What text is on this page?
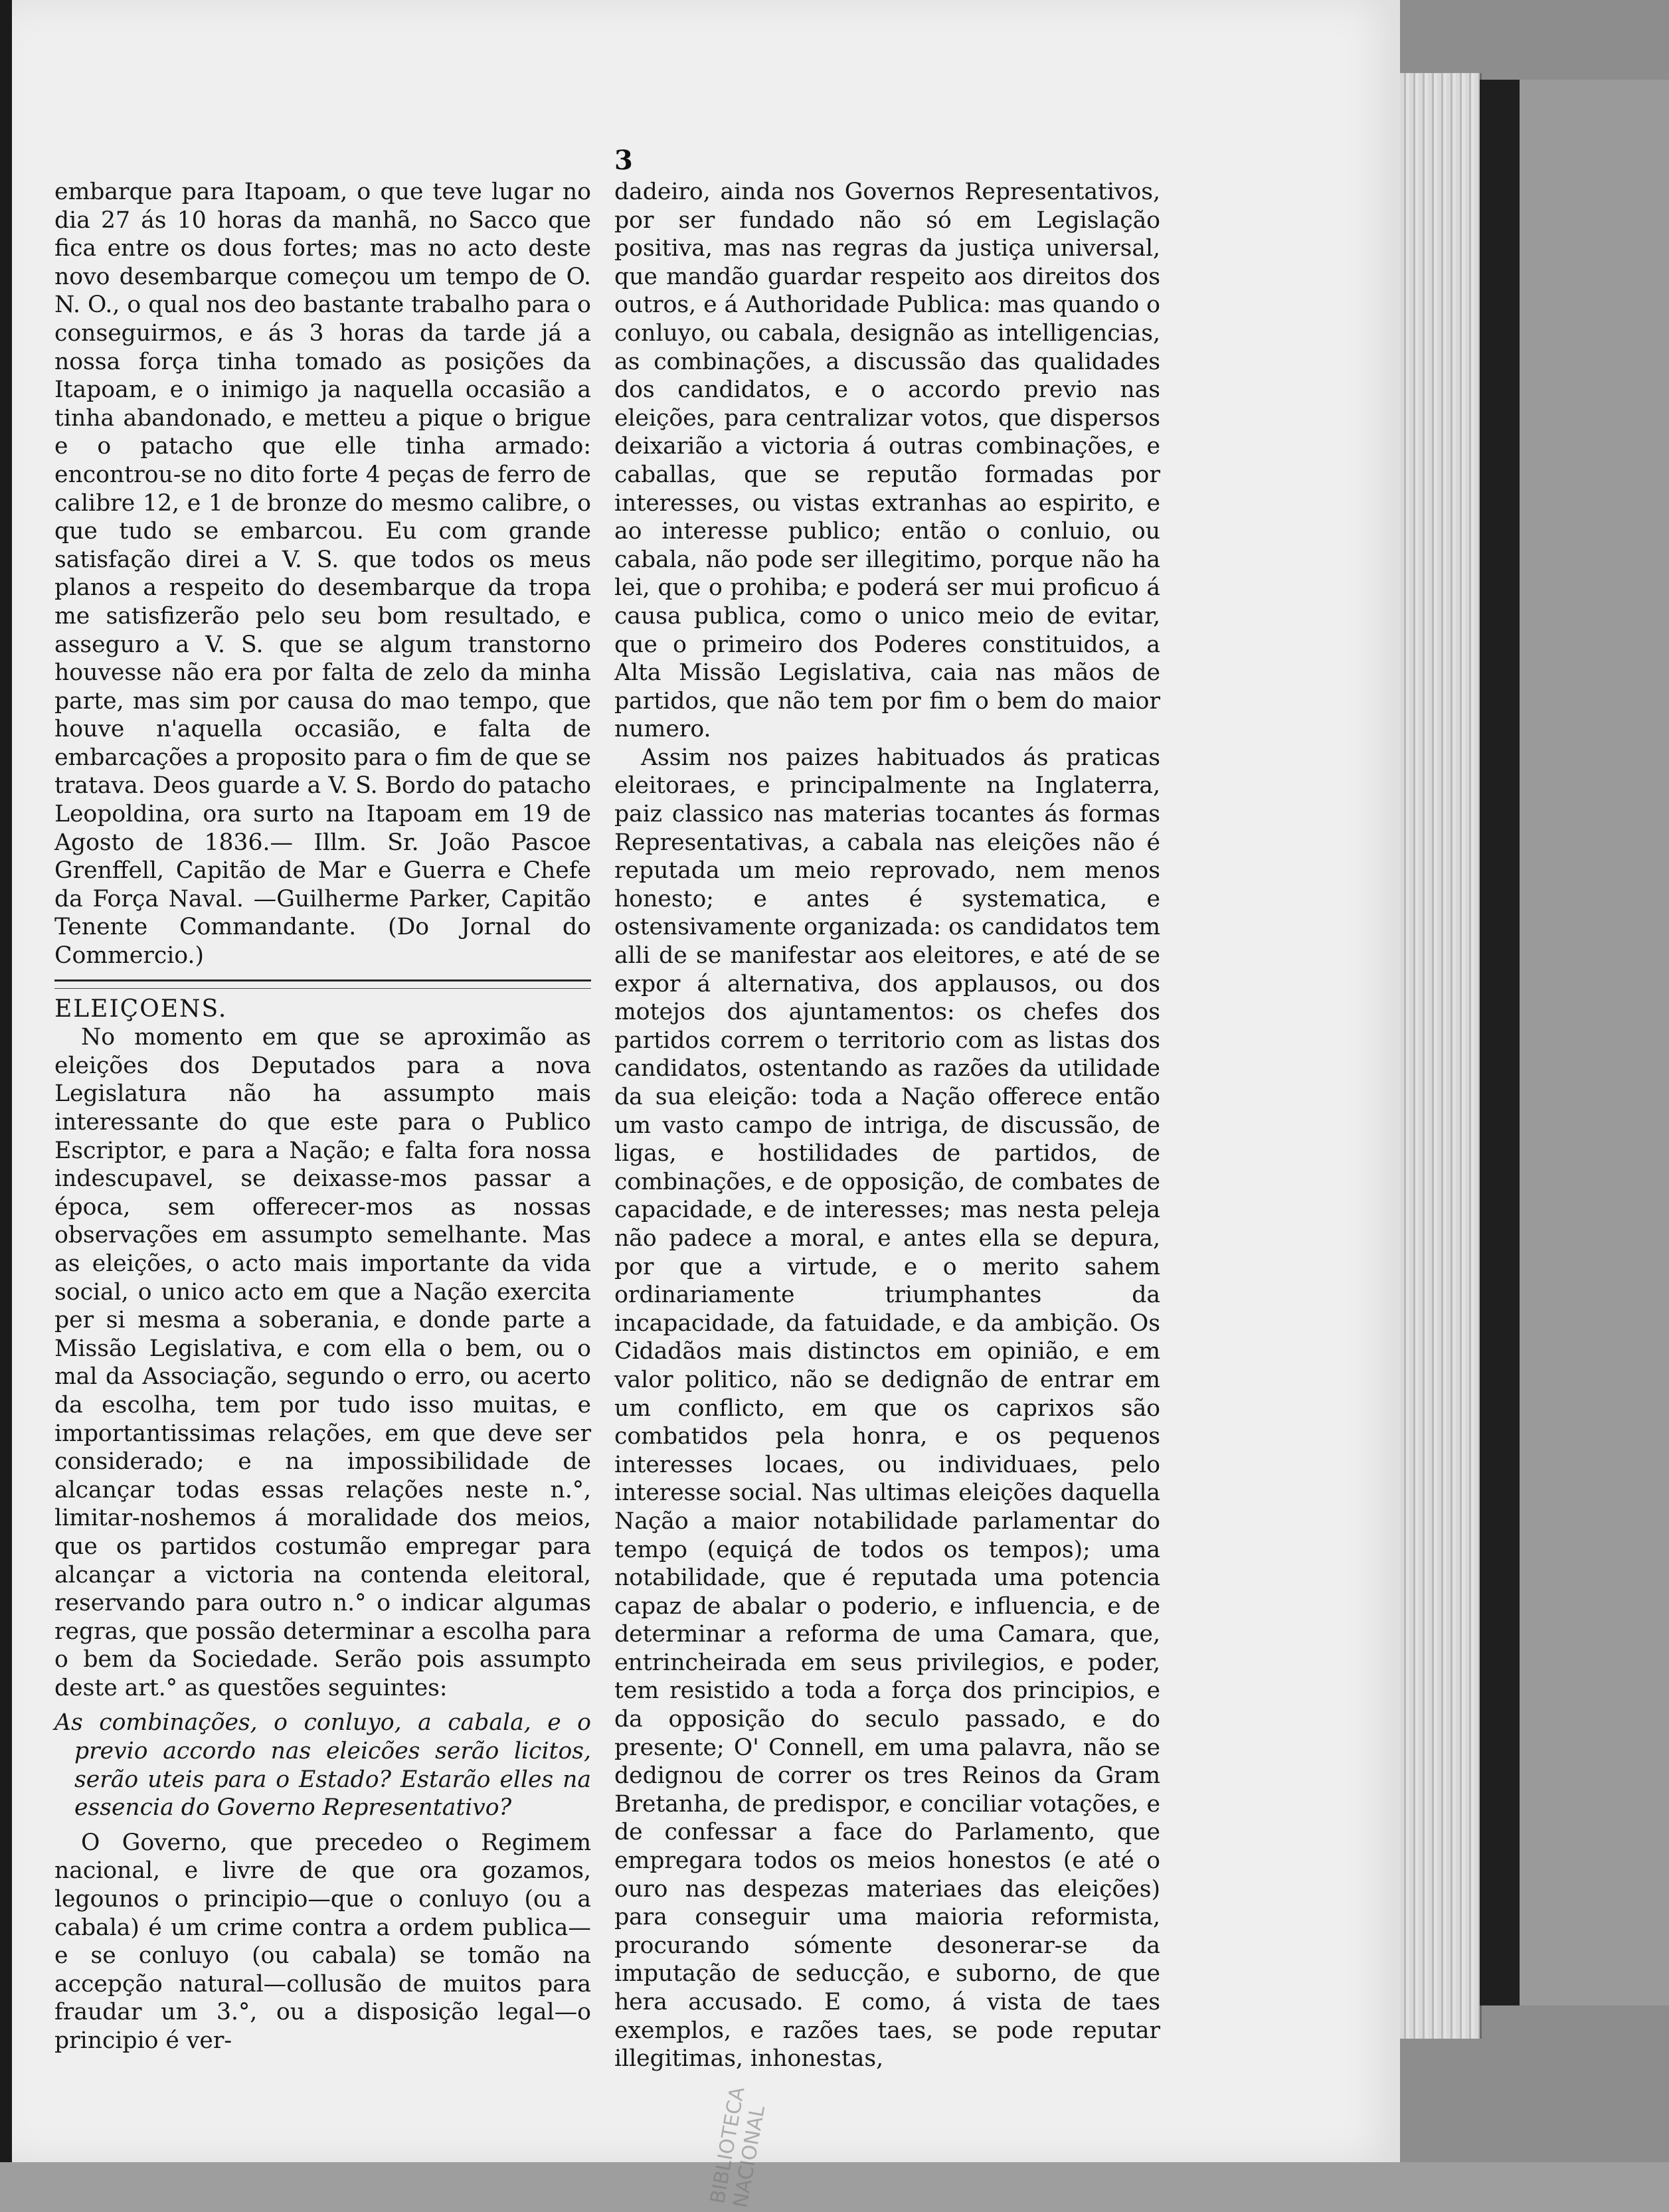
BIBLIOTECA NACIONAL
3

embarque para Itapoam, o que teve lugar no dia 27 ás 10 horas da manhã, no Sacco que fica entre os dous fortes; mas no acto deste novo desembarque começou um tempo de O. N. O., o qual nos deo bastante trabalho para o conseguirmos, e ás 3 horas da tarde já a nossa força tinha tomado as posições da Itapoam, e o inimigo ja naquella occasião a tinha abandonado, e metteu a pique o brigue e o patacho que elle tinha armado: encontrou-se no dito forte 4 peças de ferro de calibre 12, e 1 de bronze do mesmo calibre, o que tudo se embarcou. Eu com grande satisfação direi a V. S. que todos os meus planos a respeito do desembarque da tropa me satisfizerão pelo seu bom resultado, e asseguro a V. S. que se algum transtorno houvesse não era por falta de zelo da minha parte, mas sim por causa do mao tempo, que houve n'aquella occasião, e falta de embarcações a proposito para o fim de que se tratava. Deos guarde a V. S. Bordo do patacho Leopoldina, ora surto na Itapoam em 19 de Agosto de 1836.— Illm. Sr. João Pascoe Grenffell, Capitão de Mar e Guerra e Chefe da Força Naval. —Guilherme Parker, Capitão Tenente Commandante. (Do Jornal do Commercio.)

ELEIÇOENS.

No momento em que se aproximão as eleições dos Deputados para a nova Legislatura não ha assumpto mais interessante do que este para o Publico Escriptor, e para a Nação; e falta fora nossa indescupavel, se deixasse-mos passar a época, sem offerecer-mos as nossas observações em assumpto semelhante. Mas as eleições, o acto mais importante da vida social, o unico acto em que a Nação exercita per si mesma a soberania, e donde parte a Missão Legislativa, e com ella o bem, ou o mal da Associação, segundo o erro, ou acerto da escolha, tem por tudo isso muitas, e importantissimas relações, em que deve ser considerado; e na impossibilidade de alcançar todas essas relações neste n.°, limitar-noshemos á moralidade dos meios, que os partidos costumão empregar para alcançar a victoria na contenda eleitoral, reservando para outro n.° o indicar algumas regras, que possão determinar a escolha para o bem da Sociedade. Serão pois assumpto deste art.° as questões seguintes:

As combinações, o conluyo, a cabala, e o previo accordo nas eleicões serão licitos, serão uteis para o Estado? Estarão elles na essencia do Governo Representativo?

O Governo, que precedeo o Regimem nacional, e livre de que ora gozamos, legounos o principio—que o conluyo (ou a cabala) é um crime contra a ordem publica—e se conluyo (ou cabala) se tomão na accepção natural—collusão de muitos para fraudar um 3.°, ou a disposição legal—o principio é ver-

dadeiro, ainda nos Governos Representativos, por ser fundado não só em Legislação positiva, mas nas regras da justiça universal, que mandão guardar respeito aos direitos dos outros, e á Authoridade Publica: mas quando o conluyo, ou cabala, designão as intelligencias, as combinações, a discussão das qualidades dos candidatos, e o accordo previo nas eleições, para centralizar votos, que dispersos deixarião a victoria á outras combinações, e caballas, que se reputão formadas por interesses, ou vistas extranhas ao espirito, e ao interesse publico; então o conluio, ou cabala, não pode ser illegitimo, porque não ha lei, que o prohiba; e poderá ser mui proficuo á causa publica, como o unico meio de evitar, que o primeiro dos Poderes constituidos, a Alta Missão Legislativa, caia nas mãos de partidos, que não tem por fim o bem do maior numero.

Assim nos paizes habituados ás praticas eleitoraes, e principalmente na Inglaterra, paiz classico nas materias tocantes ás formas Representativas, a cabala nas eleições não é reputada um meio reprovado, nem menos honesto; e antes é systematica, e ostensivamente organizada: os candidatos tem alli de se manifestar aos eleitores, e até de se expor á alternativa, dos applausos, ou dos motejos dos ajuntamentos: os chefes dos partidos correm o territorio com as listas dos candidatos, ostentando as razões da utilidade da sua eleição: toda a Nação offerece então um vasto campo de intriga, de discussão, de ligas, e hostilidades de partidos, de combinações, e de opposição, de combates de capacidade, e de interesses; mas nesta peleja não padece a moral, e antes ella se depura, por que a virtude, e o merito sahem ordinariamente triumphantes da incapacidade, da fatuidade, e da ambição. Os Cidadãos mais distinctos em opinião, e em valor politico, não se dedignão de entrar em um conflicto, em que os caprixos são combatidos pela honra, e os pequenos interesses locaes, ou individuaes, pelo interesse social. Nas ultimas eleições daquella Nação a maior notabilidade parlamentar do tempo (equiçá de todos os tempos); uma notabilidade, que é reputada uma potencia capaz de abalar o poderio, e influencia, e de determinar a reforma de uma Camara, que, entrincheirada em seus privilegios, e poder, tem resistido a toda a força dos principios, e da opposição do seculo passado, e do presente; O' Connell, em uma palavra, não se dedignou de correr os tres Reinos da Gram Bretanha, de predispor, e conciliar votações, e de confessar a face do Parlamento, que empregara todos os meios honestos (e até o ouro nas despezas materiaes das eleições) para conseguir uma maioria reformista, procurando sómente desonerar-se da imputação de seducção, e suborno, de que hera accusado. E como, á vista de taes exemplos, e razões taes, se pode reputar illegitimas, inhonestas,
